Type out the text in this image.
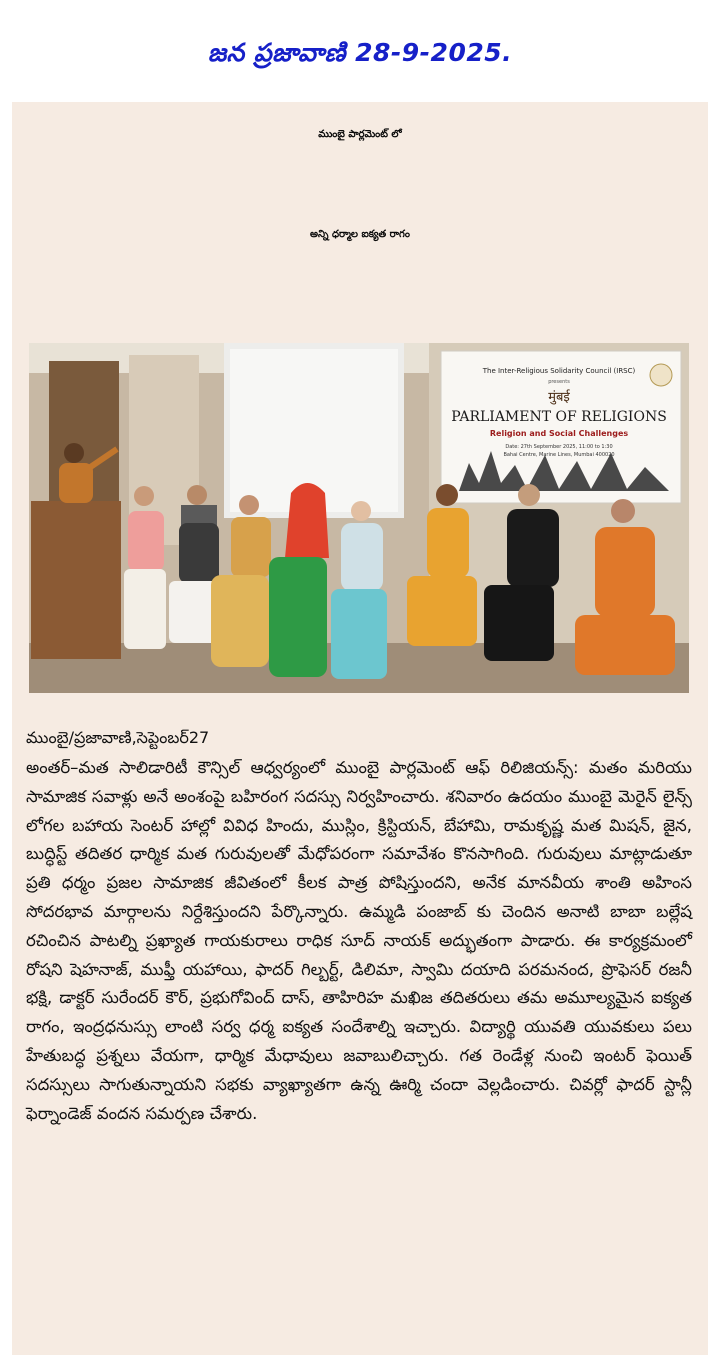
జన ప్రజావాణి 28-9-2025.
ముంబై పార్లమెంట్ లో
అన్ని ధర్మాల ఐక్యత రాగం
The Inter-Religious Solidarity Council (IRSC)
presents
मुंबई
PARLIAMENT OF RELIGIONS
Religion and Social Challenges
Date: 27th September 2025, 11:00 to 1:30
Bahai Centre, Marine Lines, Mumbai 400020
ముంబై/ప్రజావాణి,సెప్టెంబర్27
అంతర్–మత సాలిడారిటీ కౌన్సిల్ ఆధ్వర్యంలో ముంబై పార్లమెంట్ ఆఫ్ రిలిజియన్స్: మతం మరియు సామాజిక సవాళ్లు అనే అంశంపై బహిరంగ సదస్సు నిర్వహించారు. శనివారం ఉదయం ముంబై మెరైన్ లైన్స్ లోగల బహాయ సెంటర్ హాల్లో వివిధ హిందు, ముస్లిం, క్రిస్టియన్, బేహామి, రామకృష్ణ మత మిషన్, జైన, బుద్ధిస్ట్ తదితర ధార్మిక మత గురువులతో మేధోపరంగా సమావేశం కొనసాగింది. గురువులు మాట్లాడుతూ ప్రతి ధర్మం ప్రజల సామాజిక జీవితంలో కీలక పాత్ర పోషిస్తుందని, అనేక మానవీయ శాంతి అహింస సోదరభావ మార్గాలను నిర్దేశిస్తుందని పేర్కొన్నారు. ఉమ్మడి పంజాబ్ కు చెందిన అనాటి బాబా బల్లేష రచించిన పాటల్ని ప్రఖ్యాత గాయకురాలు రాధిక సూద్ నాయక్ అద్భుతంగా పాడారు. ఈ కార్యక్రమంలో రోషని షెహనాజ్, ముఫ్తీ యహాయి, ఫాదర్ గిల్బర్ట్, డిలిమా, స్వామి దయాది పరమనంద, ప్రొఫెసర్ రజనీ భక్షి, డాక్టర్ సురేందర్ కౌర్, ప్రభుగోవింద్ దాస్, తాహిరిహ మఖిజ తదితరులు తమ అమూల్యమైన ఐక్యత రాగం, ఇంద్రధనుస్సు లాంటి సర్వ ధర్మ ఐక్యత సందేశాల్ని ఇచ్చారు. విద్యార్థి యువతి యువకులు పలు హేతుబద్ధ ప్రశ్నలు వేయగా, ధార్మిక మేధావులు జవాబులిచ్చారు. గత రెండేళ్ల నుంచి ఇంటర్ ఫెయిత్ సదస్సులు సాగుతున్నాయని సభకు వ్యాఖ్యాతగా ఉన్న ఊర్మి చందా వెల్లడించారు. చివర్లో ఫాదర్ స్టాన్లీ ఫెర్నాండెజ్ వందన సమర్పణ చేశారు.
